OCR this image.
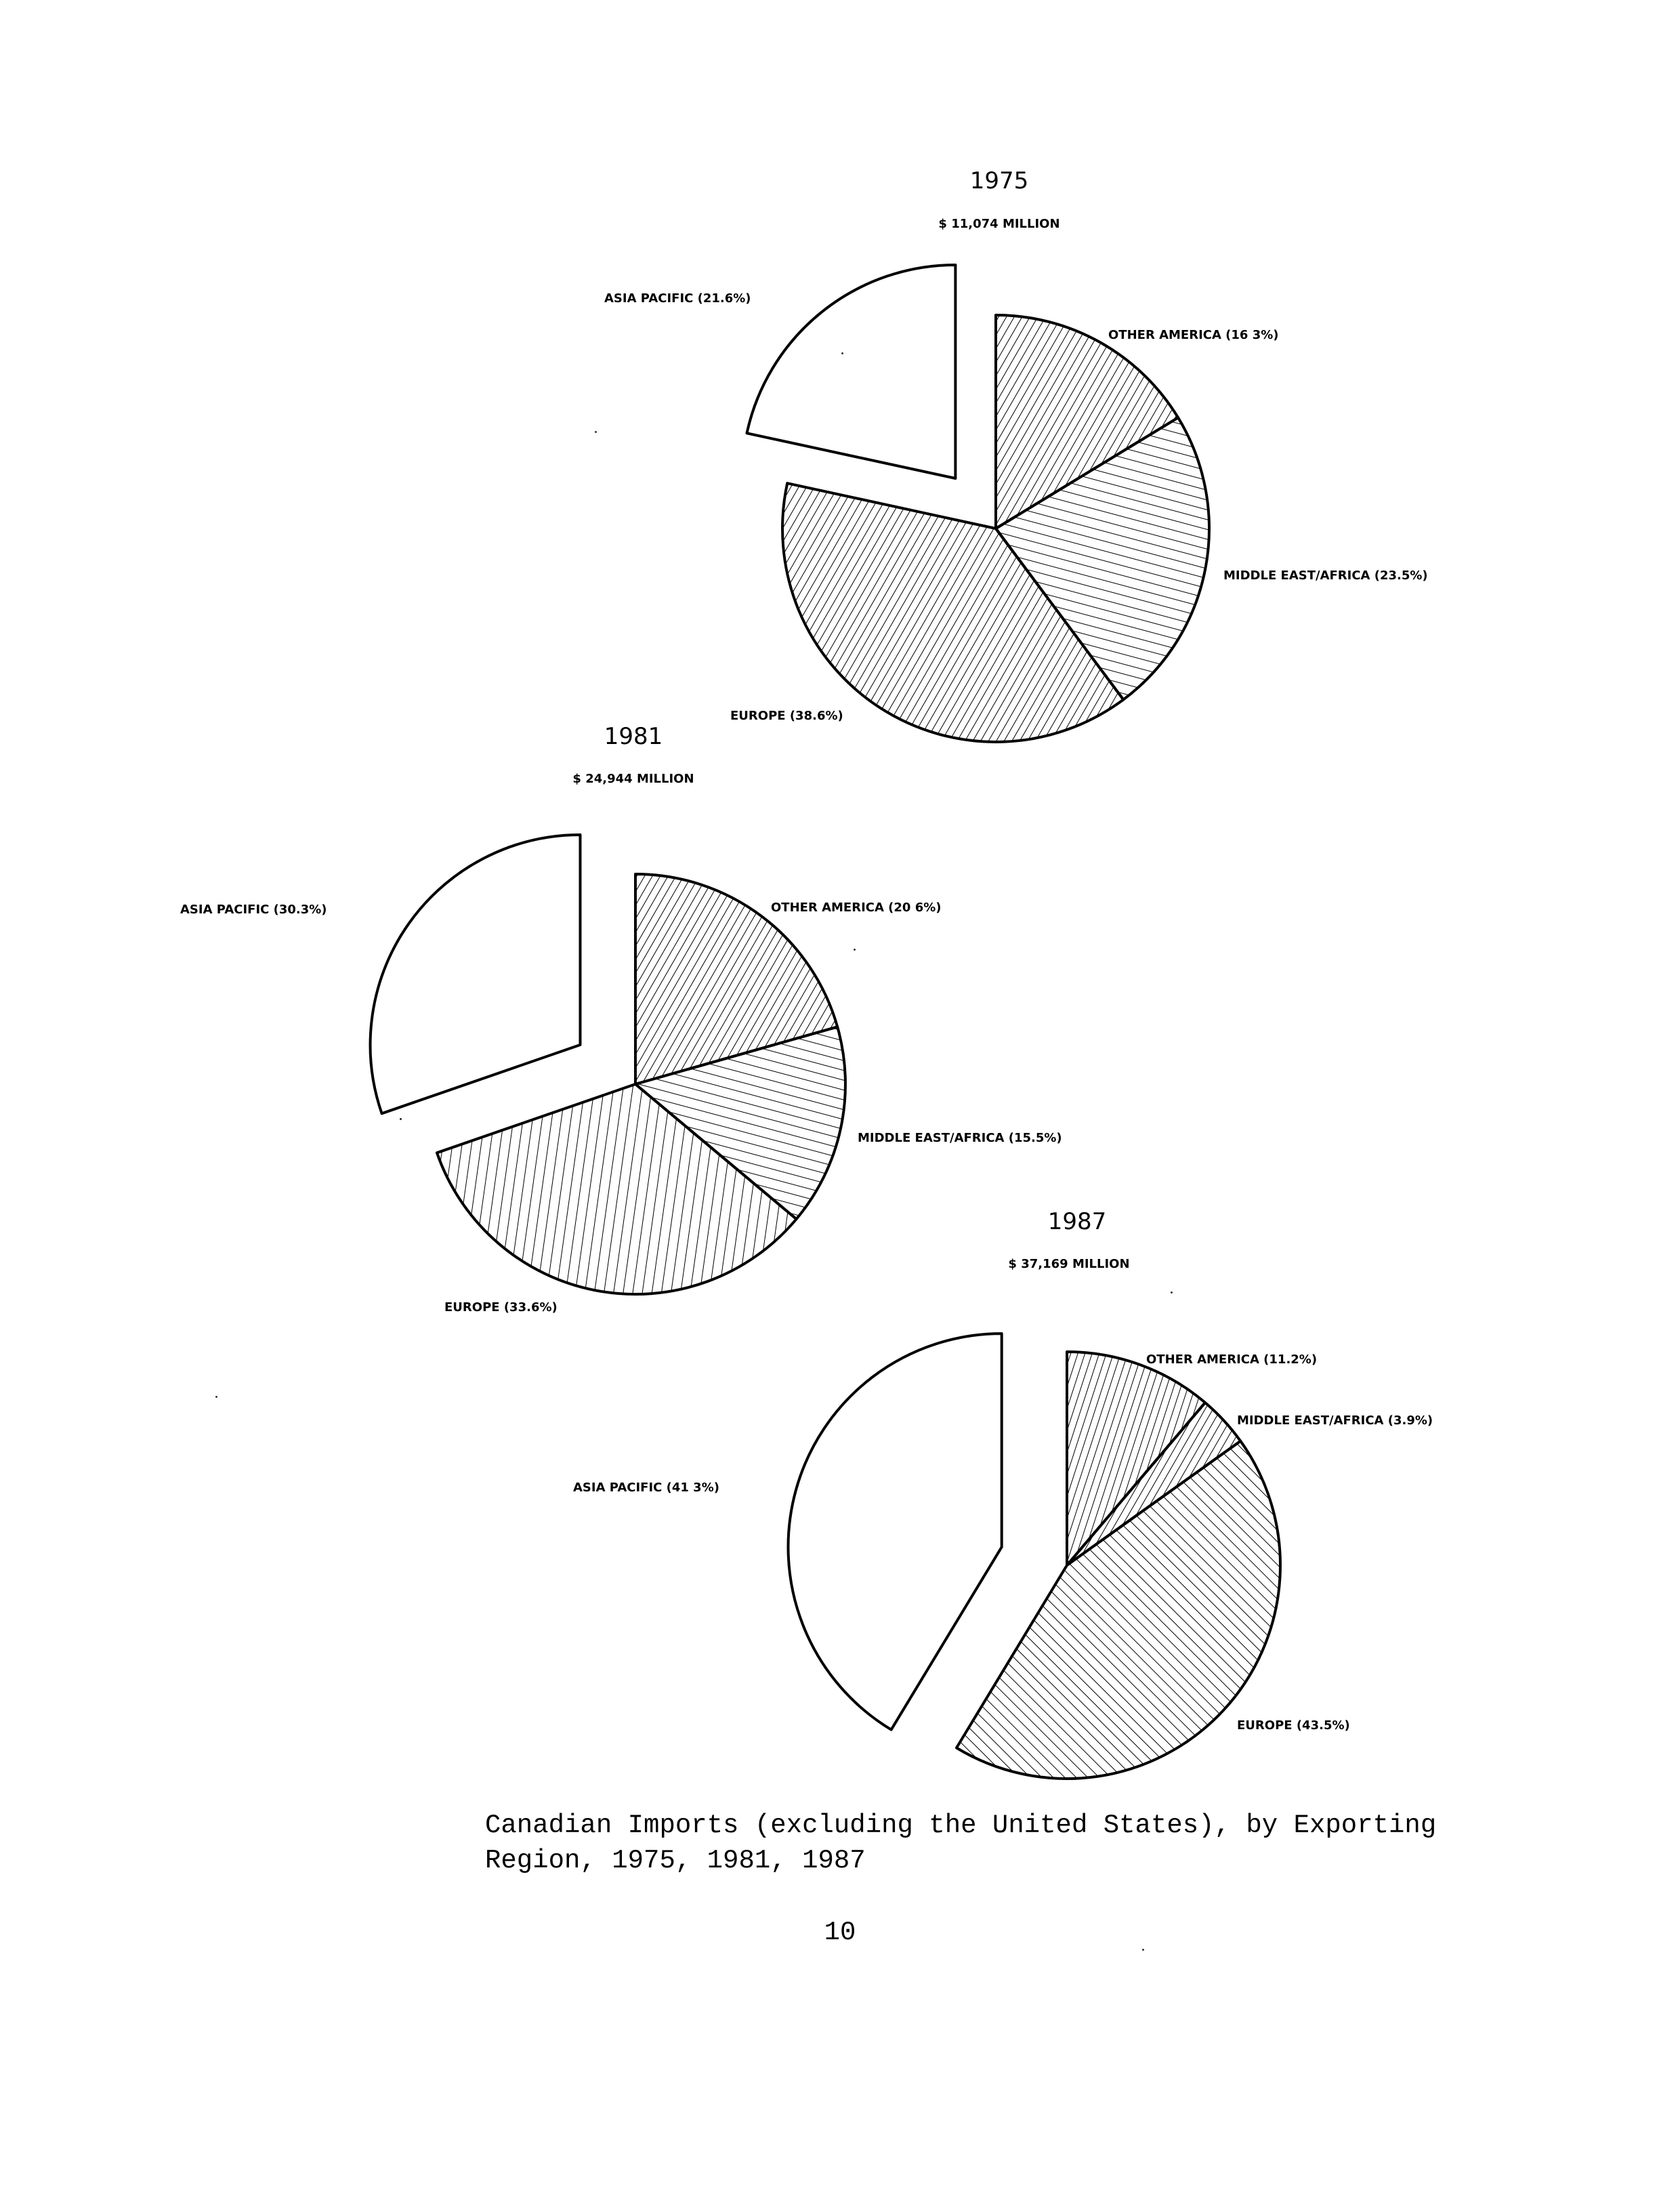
1975
$ 11,074 MILLION
OTHER AMERICA (16 3%)
MIDDLE EAST/AFRICA (23.5%)
EUROPE (38.6%)
ASIA PACIFIC (21.6%)
1981
$ 24,944 MILLION
OTHER AMERICA (20 6%)
MIDDLE EAST/AFRICA (15.5%)
EUROPE (33.6%)
ASIA PACIFIC (30.3%)
1987
$ 37,169 MILLION
OTHER AMERICA (11.2%)
MIDDLE EAST/AFRICA (3.9%)
EUROPE (43.5%)
ASIA PACIFIC (41 3%)

Canadian Imports (excluding the United States), by Exporting
Region, 1975, 1981, 1987

10
